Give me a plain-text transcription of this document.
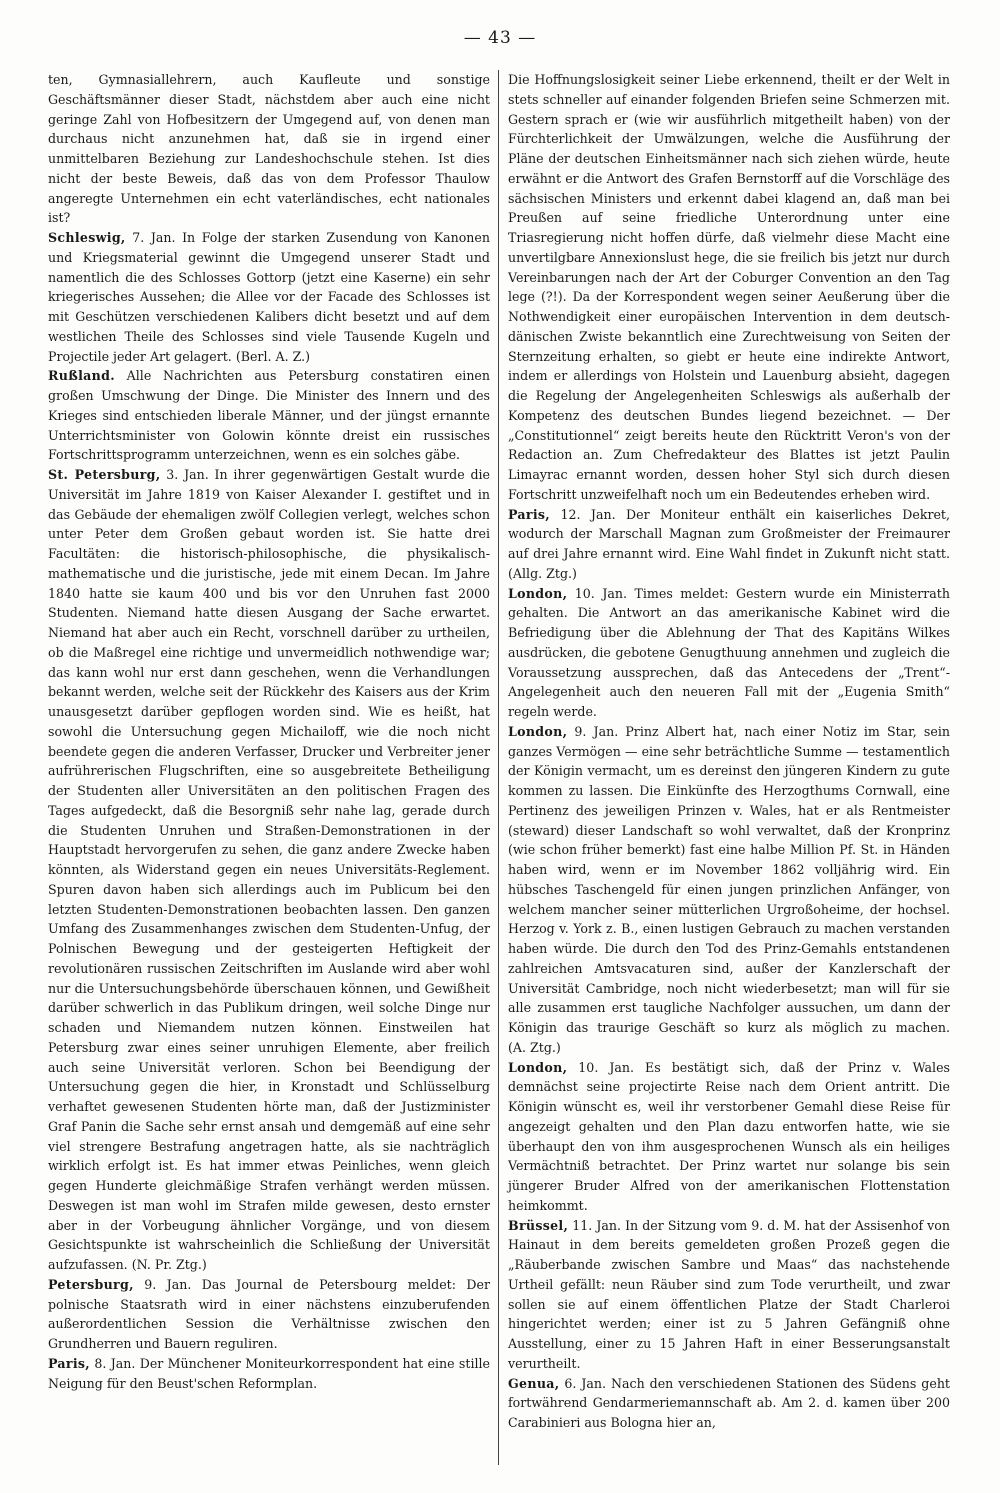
— 43 —

ten, Gymnasiallehrern, auch Kaufleute und sonstige Geschäftsmänner dieser Stadt, nächstdem aber auch eine nicht geringe Zahl von Hofbesitzern der Umgegend auf, von denen man durchaus nicht anzunehmen hat, daß sie in irgend einer unmittelbaren Beziehung zur Landeshochschule stehen. Ist dies nicht der beste Beweis, daß das von dem Professor Thaulow angeregte Unternehmen ein echt vaterländisches, echt nationales ist?

Schleswig, 7. Jan. In Folge der starken Zusendung von Kanonen und Kriegsmaterial gewinnt die Umgegend unserer Stadt und namentlich die des Schlosses Gottorp (jetzt eine Kaserne) ein sehr kriegerisches Aussehen; die Allee vor der Facade des Schlosses ist mit Geschützen verschiedenen Kalibers dicht besetzt und auf dem westlichen Theile des Schlosses sind viele Tausende Kugeln und Projectile jeder Art gelagert. (Berl. A. Z.)

Rußland. Alle Nachrichten aus Petersburg constatiren einen großen Umschwung der Dinge. Die Minister des Innern und des Krieges sind entschieden liberale Männer, und der jüngst ernannte Unterrichtsminister von Golowin könnte dreist ein russisches Fortschrittsprogramm unterzeichnen, wenn es ein solches gäbe.

St. Petersburg, 3. Jan. In ihrer gegenwärtigen Gestalt wurde die Universität im Jahre 1819 von Kaiser Alexander I. gestiftet und in das Gebäude der ehemaligen zwölf Collegien verlegt, welches schon unter Peter dem Großen gebaut worden ist. Sie hatte drei Facultäten: die historisch-philosophische, die physikalisch-mathematische und die juristische, jede mit einem Decan. Im Jahre 1840 hatte sie kaum 400 und bis vor den Unruhen fast 2000 Studenten. Niemand hatte diesen Ausgang der Sache erwartet. Niemand hat aber auch ein Recht, vorschnell darüber zu urtheilen, ob die Maßregel eine richtige und unvermeidlich nothwendige war; das kann wohl nur erst dann geschehen, wenn die Verhandlungen bekannt werden, welche seit der Rückkehr des Kaisers aus der Krim unausgesetzt darüber gepflogen worden sind. Wie es heißt, hat sowohl die Untersuchung gegen Michailoff, wie die noch nicht beendete gegen die anderen Verfasser, Drucker und Verbreiter jener aufrührerischen Flugschriften, eine so ausgebreitete Betheiligung der Studenten aller Universitäten an den politischen Fragen des Tages aufgedeckt, daß die Besorgniß sehr nahe lag, gerade durch die Studenten Unruhen und Straßen-Demonstrationen in der Hauptstadt hervorgerufen zu sehen, die ganz andere Zwecke haben könnten, als Widerstand gegen ein neues Universitäts-Reglement. Spuren davon haben sich allerdings auch im Publicum bei den letzten Studenten-Demonstrationen beobachten lassen. Den ganzen Umfang des Zusammenhanges zwischen dem Studenten-Unfug, der Polnischen Bewegung und der gesteigerten Heftigkeit der revolutionären russischen Zeitschriften im Auslande wird aber wohl nur die Untersuchungsbehörde überschauen können, und Gewißheit darüber schwerlich in das Publikum dringen, weil solche Dinge nur schaden und Niemandem nutzen können. Einstweilen hat Petersburg zwar eines seiner unruhigen Elemente, aber freilich auch seine Universität verloren. Schon bei Beendigung der Untersuchung gegen die hier, in Kronstadt und Schlüsselburg verhaftet gewesenen Studenten hörte man, daß der Justizminister Graf Panin die Sache sehr ernst ansah und demgemäß auf eine sehr viel strengere Bestrafung angetragen hatte, als sie nachträglich wirklich erfolgt ist. Es hat immer etwas Peinliches, wenn gleich gegen Hunderte gleichmäßige Strafen verhängt werden müssen. Deswegen ist man wohl im Strafen milde gewesen, desto ernster aber in der Vorbeugung ähnlicher Vorgänge, und von diesem Gesichtspunkte ist wahrscheinlich die Schließung der Universität aufzufassen. (N. Pr. Ztg.)

Petersburg, 9. Jan. Das Journal de Petersbourg meldet: Der polnische Staatsrath wird in einer nächstens einzuberufenden außerordentlichen Session die Verhältnisse zwischen den Grundherren und Bauern reguliren.

Paris, 8. Jan. Der Münchener Moniteurkorrespondent hat eine stille Neigung für den Beust'schen Reformplan.

Die Hoffnungslosigkeit seiner Liebe erkennend, theilt er der Welt in stets schneller auf einander folgenden Briefen seine Schmerzen mit. Gestern sprach er (wie wir ausführlich mitgetheilt haben) von der Fürchterlichkeit der Umwälzungen, welche die Ausführung der Pläne der deutschen Einheitsmänner nach sich ziehen würde, heute erwähnt er die Antwort des Grafen Bernstorff auf die Vorschläge des sächsischen Ministers und erkennt dabei klagend an, daß man bei Preußen auf seine friedliche Unterordnung unter eine Triasregierung nicht hoffen dürfe, daß vielmehr diese Macht eine unvertilgbare Annexionslust hege, die sie freilich bis jetzt nur durch Vereinbarungen nach der Art der Coburger Convention an den Tag lege (?!). Da der Korrespondent wegen seiner Aeußerung über die Nothwendigkeit einer europäischen Intervention in dem deutsch-dänischen Zwiste bekanntlich eine Zurechtweisung von Seiten der Sternzeitung erhalten, so giebt er heute eine indirekte Antwort, indem er allerdings von Holstein und Lauenburg absieht, dagegen die Regelung der Angelegenheiten Schleswigs als außerhalb der Kompetenz des deutschen Bundes liegend bezeichnet. — Der „Constitutionnel“ zeigt bereits heute den Rücktritt Veron's von der Redaction an. Zum Chefredakteur des Blattes ist jetzt Paulin Limayrac ernannt worden, dessen hoher Styl sich durch diesen Fortschritt unzweifelhaft noch um ein Bedeutendes erheben wird.

Paris, 12. Jan. Der Moniteur enthält ein kaiserliches Dekret, wodurch der Marschall Magnan zum Großmeister der Freimaurer auf drei Jahre ernannt wird. Eine Wahl findet in Zukunft nicht statt. (Allg. Ztg.)

London, 10. Jan. Times meldet: Gestern wurde ein Ministerrath gehalten. Die Antwort an das amerikanische Kabinet wird die Befriedigung über die Ablehnung der That des Kapitäns Wilkes ausdrücken, die gebotene Genugthuung annehmen und zugleich die Voraussetzung aussprechen, daß das Antecedens der „Trent“-Angelegenheit auch den neueren Fall mit der „Eugenia Smith“ regeln werde.

London, 9. Jan. Prinz Albert hat, nach einer Notiz im Star, sein ganzes Vermögen — eine sehr beträchtliche Summe — testamentlich der Königin vermacht, um es dereinst den jüngeren Kindern zu gute kommen zu lassen. Die Einkünfte des Herzogthums Cornwall, eine Pertinenz des jeweiligen Prinzen v. Wales, hat er als Rentmeister (steward) dieser Landschaft so wohl verwaltet, daß der Kronprinz (wie schon früher bemerkt) fast eine halbe Million Pf. St. in Händen haben wird, wenn er im November 1862 volljährig wird. Ein hübsches Taschengeld für einen jungen prinzlichen Anfänger, von welchem mancher seiner mütterlichen Urgroßoheime, der hochsel. Herzog v. York z. B., einen lustigen Gebrauch zu machen verstanden haben würde. Die durch den Tod des Prinz-Gemahls entstandenen zahlreichen Amtsvacaturen sind, außer der Kanzlerschaft der Universität Cambridge, noch nicht wiederbesetzt; man will für sie alle zusammen erst taugliche Nachfolger aussuchen, um dann der Königin das traurige Geschäft so kurz als möglich zu machen. (A. Ztg.)

London, 10. Jan. Es bestätigt sich, daß der Prinz v. Wales demnächst seine projectirte Reise nach dem Orient antritt. Die Königin wünscht es, weil ihr verstorbener Gemahl diese Reise für angezeigt gehalten und den Plan dazu entworfen hatte, wie sie überhaupt den von ihm ausgesprochenen Wunsch als ein heiliges Vermächtniß betrachtet. Der Prinz wartet nur solange bis sein jüngerer Bruder Alfred von der amerikanischen Flottenstation heimkommt.

Brüssel, 11. Jan. In der Sitzung vom 9. d. M. hat der Assisenhof von Hainaut in dem bereits gemeldeten großen Prozeß gegen die „Räuberbande zwischen Sambre und Maas“ das nachstehende Urtheil gefällt: neun Räuber sind zum Tode verurtheilt, und zwar sollen sie auf einem öffentlichen Platze der Stadt Charleroi hingerichtet werden; einer ist zu 5 Jahren Gefängniß ohne Ausstellung, einer zu 15 Jahren Haft in einer Besserungsanstalt verurtheilt.

Genua, 6. Jan. Nach den verschiedenen Stationen des Südens geht fortwährend Gendarmeriemannschaft ab. Am 2. d. kamen über 200 Carabinieri aus Bologna hier an,
